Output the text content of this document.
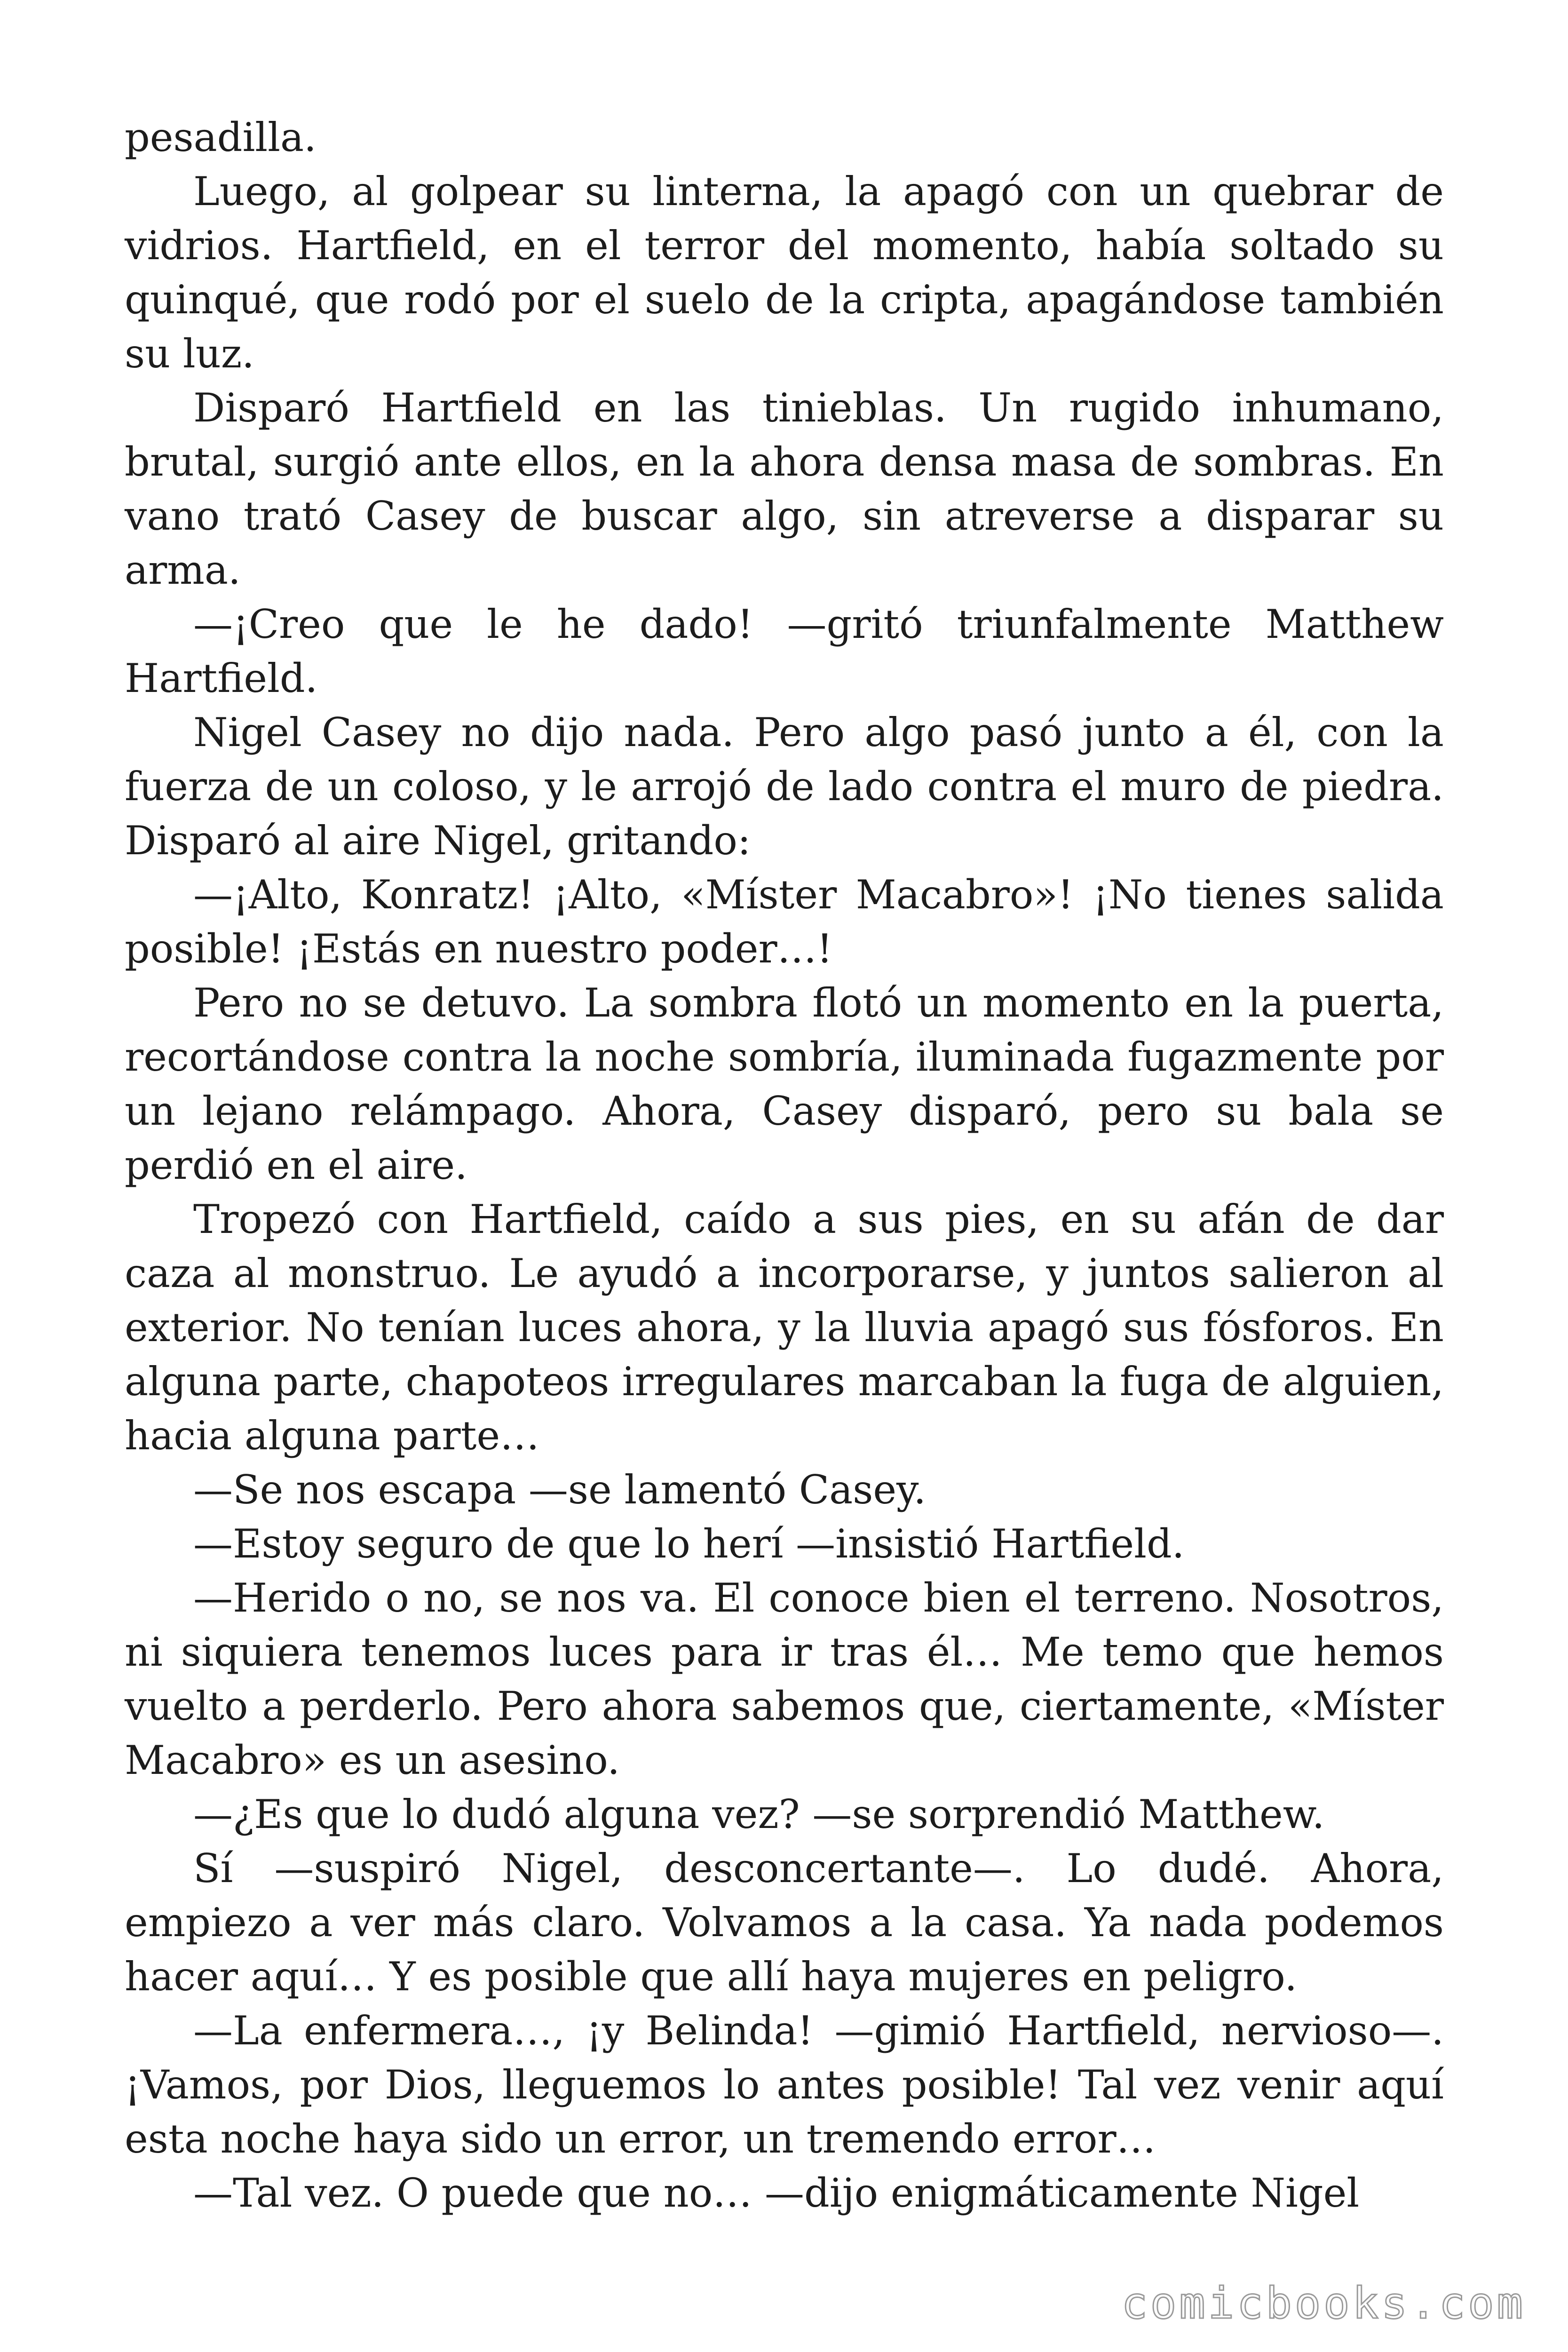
pesadilla.

Luego, al golpear su linterna, la apagó con un quebrar de vidrios. Hartfield, en el terror del momento, había soltado su quinqué, que rodó por el suelo de la cripta, apagándose también su luz.

Disparó Hartfield en las tinieblas. Un rugido inhumano, brutal, surgió ante ellos, en la ahora densa masa de sombras. En vano trató Casey de buscar algo, sin atreverse a disparar su arma.

—¡Creo que le he dado! —gritó triunfalmente Matthew Hartfield.

Nigel Casey no dijo nada. Pero algo pasó junto a él, con la fuerza de un coloso, y le arrojó de lado contra el muro de piedra. Disparó al aire Nigel, gritando:

—¡Alto, Konratz! ¡Alto, «Míster Macabro»! ¡No tienes salida posible! ¡Estás en nuestro poder…!

Pero no se detuvo. La sombra flotó un momento en la puerta, recortándose contra la noche sombría, iluminada fugazmente por un lejano relámpago. Ahora, Casey disparó, pero su bala se perdió en el aire.

Tropezó con Hartfield, caído a sus pies, en su afán de dar caza al monstruo. Le ayudó a incorporarse, y juntos salieron al exterior. No tenían luces ahora, y la lluvia apagó sus fósforos. En alguna parte, chapoteos irregulares marcaban la fuga de alguien, hacia alguna parte…

—Se nos escapa —se lamentó Casey.

—Estoy seguro de que lo herí —insistió Hartfield.

—Herido o no, se nos va. El conoce bien el terreno. Nosotros, ni siquiera tenemos luces para ir tras él… Me temo que hemos vuelto a perderlo. Pero ahora sabemos que, ciertamente, «Míster Macabro» es un asesino.

—¿Es que lo dudó alguna vez? —se sorprendió Matthew.

Sí —suspiró Nigel, desconcertante—. Lo dudé. Ahora, empiezo a ver más claro. Volvamos a la casa. Ya nada podemos hacer aquí… Y es posible que allí haya mujeres en peligro.

—La enfermera…, ¡y Belinda! —gimió Hartfield, nervioso—. ¡Vamos, por Dios, lleguemos lo antes posible! Tal vez venir aquí esta noche haya sido un error, un tremendo error…

—Tal vez. O puede que no… —dijo enigmáticamente Nigel

comicbooks.com
